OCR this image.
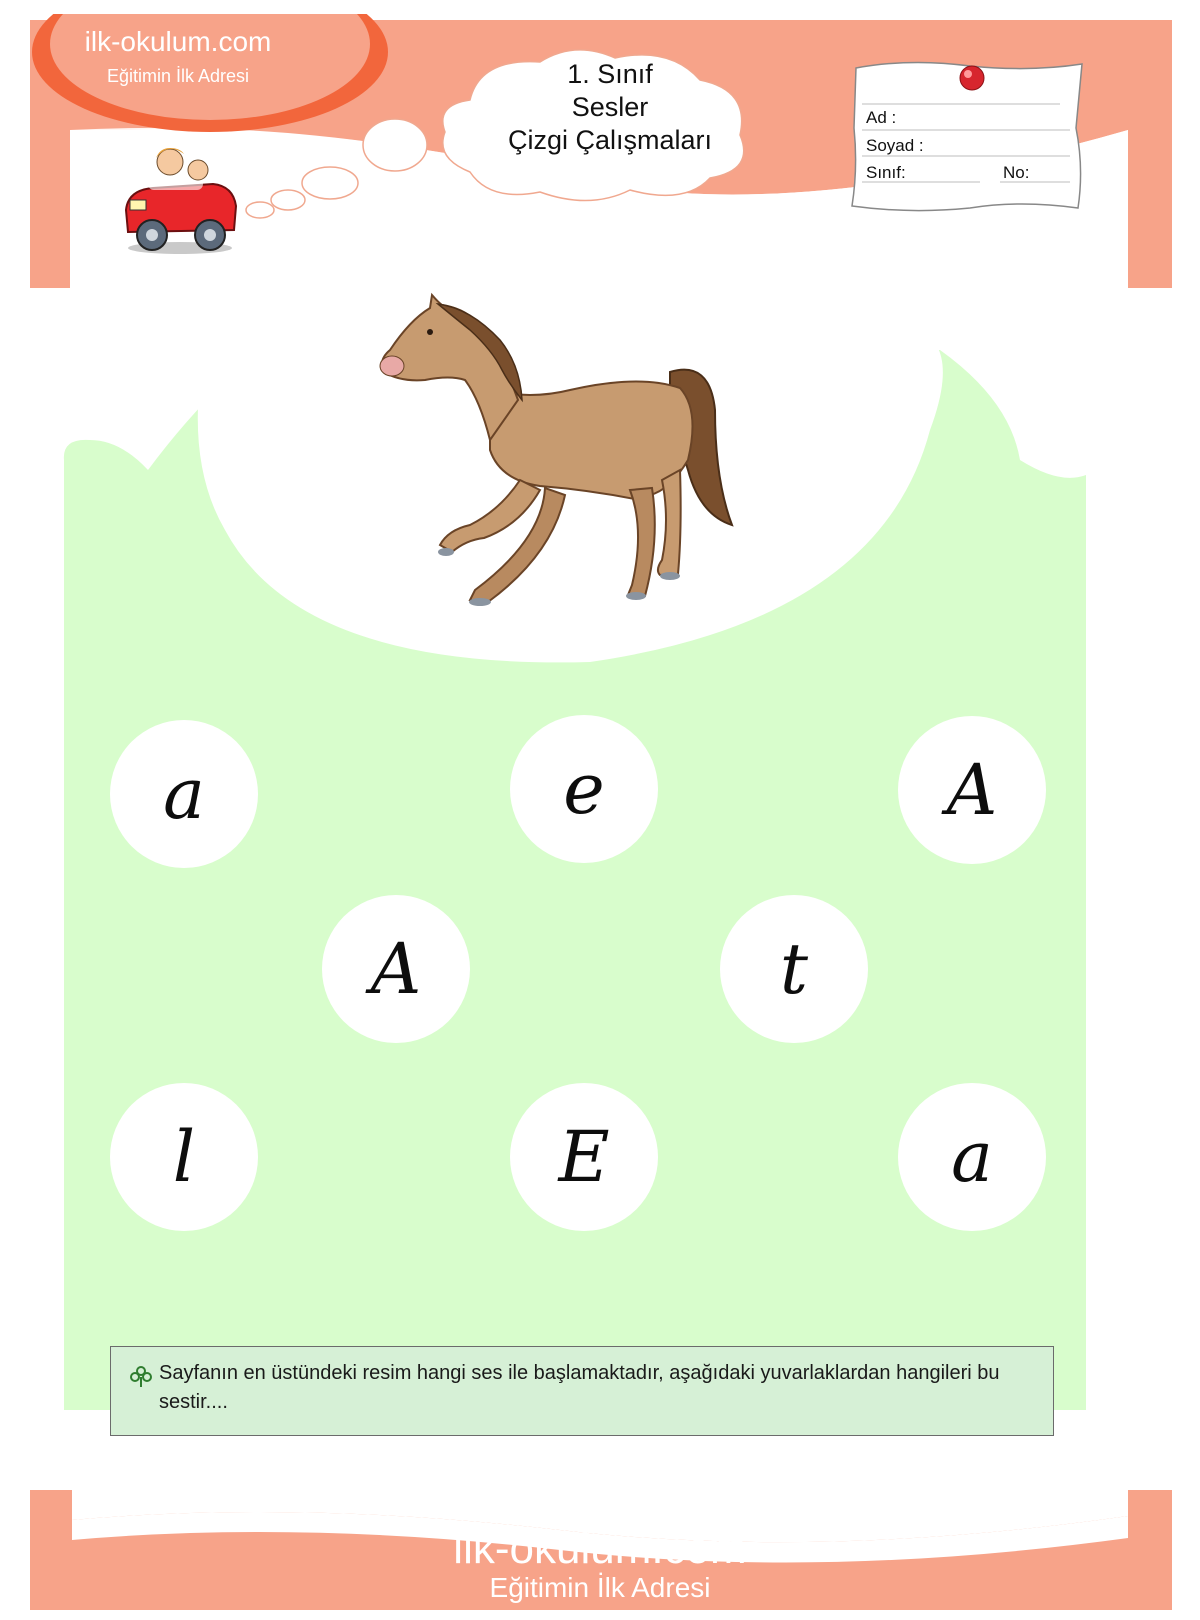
ilk-okulum.com
Eğitimin İlk Adresi	1. Sınıf
Sesler
Çizgi Çalışmaları
Ad :
Soyad :
Sınıf:	No:
a	e	A
A	t
l	E	a
Sayfanın en üstündeki resim hangi ses ile başlamaktadır, aşağıdaki yuvarlaklardan hangileri bu sestir....
ilk-okulum.com
Eğitimin İlk Adresi
